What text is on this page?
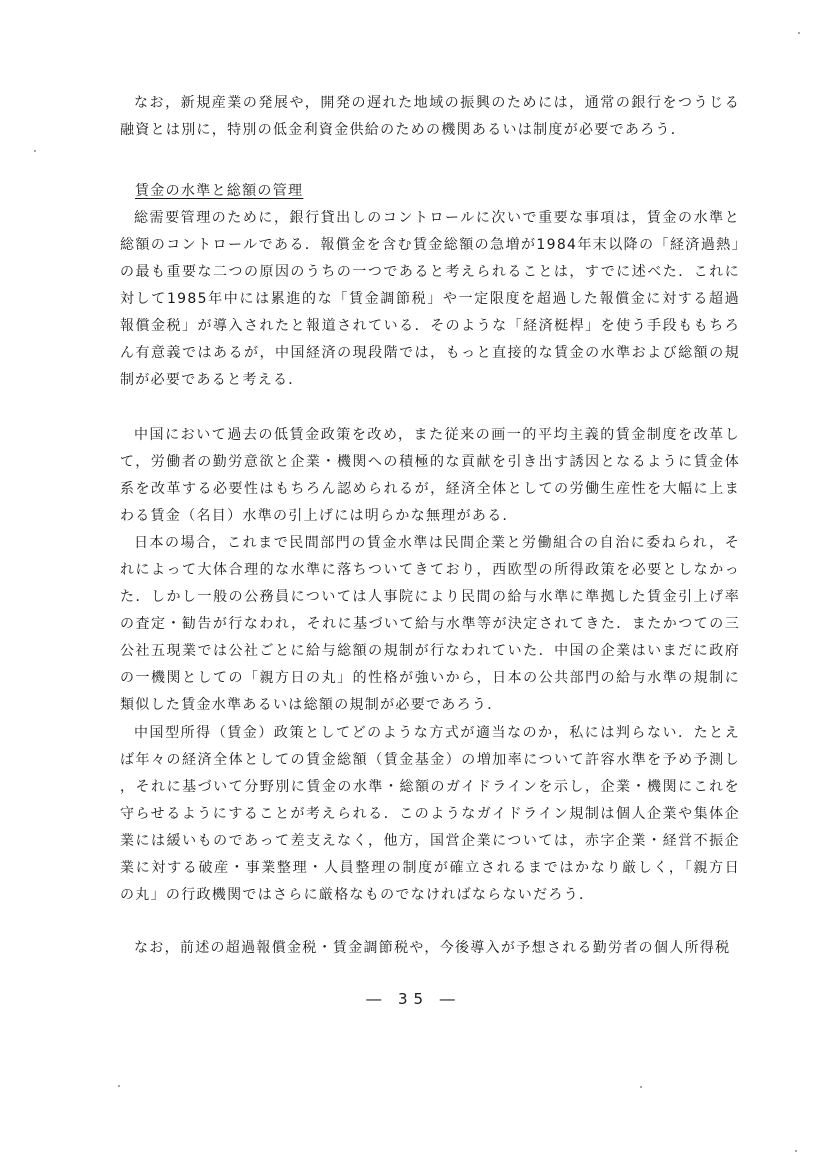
なお，新規産業の発展や，開発の遅れた地域の振興のためには，通常の銀行をつうじる融資とは別に，特別の低金利資金供給のための機関あるいは制度が必要であろう．

賃金の水準と総額の管理

総需要管理のために，銀行貸出しのコントロールに次いで重要な事項は，賃金の水準と総額のコントロールである．報償金を含む賃金総額の急増が1984年末以降の「経済過熱」の最も重要な二つの原因のうちの一つであると考えられることは，すでに述べた．これに対して1985年中には累進的な「賃金調節税」や一定限度を超過した報償金に対する超過報償金税」が導入されたと報道されている．そのような「経済梃桿」を使う手段ももちろん有意義ではあるが，中国経済の現段階では，もっと直接的な賃金の水準および総額の規制が必要であると考える．

中国において過去の低賃金政策を改め，また従来の画一的平均主義的賃金制度を改革して，労働者の勤労意欲と企業・機関への積極的な貢献を引き出す誘因となるように賃金体系を改革する必要性はもちろん認められるが，経済全体としての労働生産性を大幅に上まわる賃金（名目）水準の引上げには明らかな無理がある．

日本の場合，これまで民間部門の賃金水準は民間企業と労働組合の自治に委ねられ，それによって大体合理的な水準に落ちついてきており，西欧型の所得政策を必要としなかった．しかし一般の公務員については人事院により民間の給与水準に準拠した賃金引上げ率の査定・勧告が行なわれ，それに基づいて給与水準等が決定されてきた．またかつての三公社五現業では公社ごとに給与総額の規制が行なわれていた．中国の企業はいまだに政府の一機関としての「親方日の丸」的性格が強いから，日本の公共部門の給与水準の規制に類似した賃金水準あるいは総額の規制が必要であろう．

中国型所得（賃金）政策としてどのような方式が適当なのか，私には判らない．たとえば年々の経済全体としての賃金総額（賃金基金）の増加率について許容水準を予め予測し，それに基づいて分野別に賃金の水準・総額のガイドラインを示し，企業・機関にこれを守らせるようにすることが考えられる．このようなガイドライン規制は個人企業や集体企業には緩いものであって差支えなく，他方，国営企業については，赤字企業・経営不振企業に対する破産・事業整理・人員整理の制度が確立されるまではかなり厳しく，「親方日の丸」の行政機関ではさらに厳格なものでなければならないだろう．

なお，前述の超過報償金税・賃金調節税や，今後導入が予想される勤労者の個人所得税

― 35 ―
